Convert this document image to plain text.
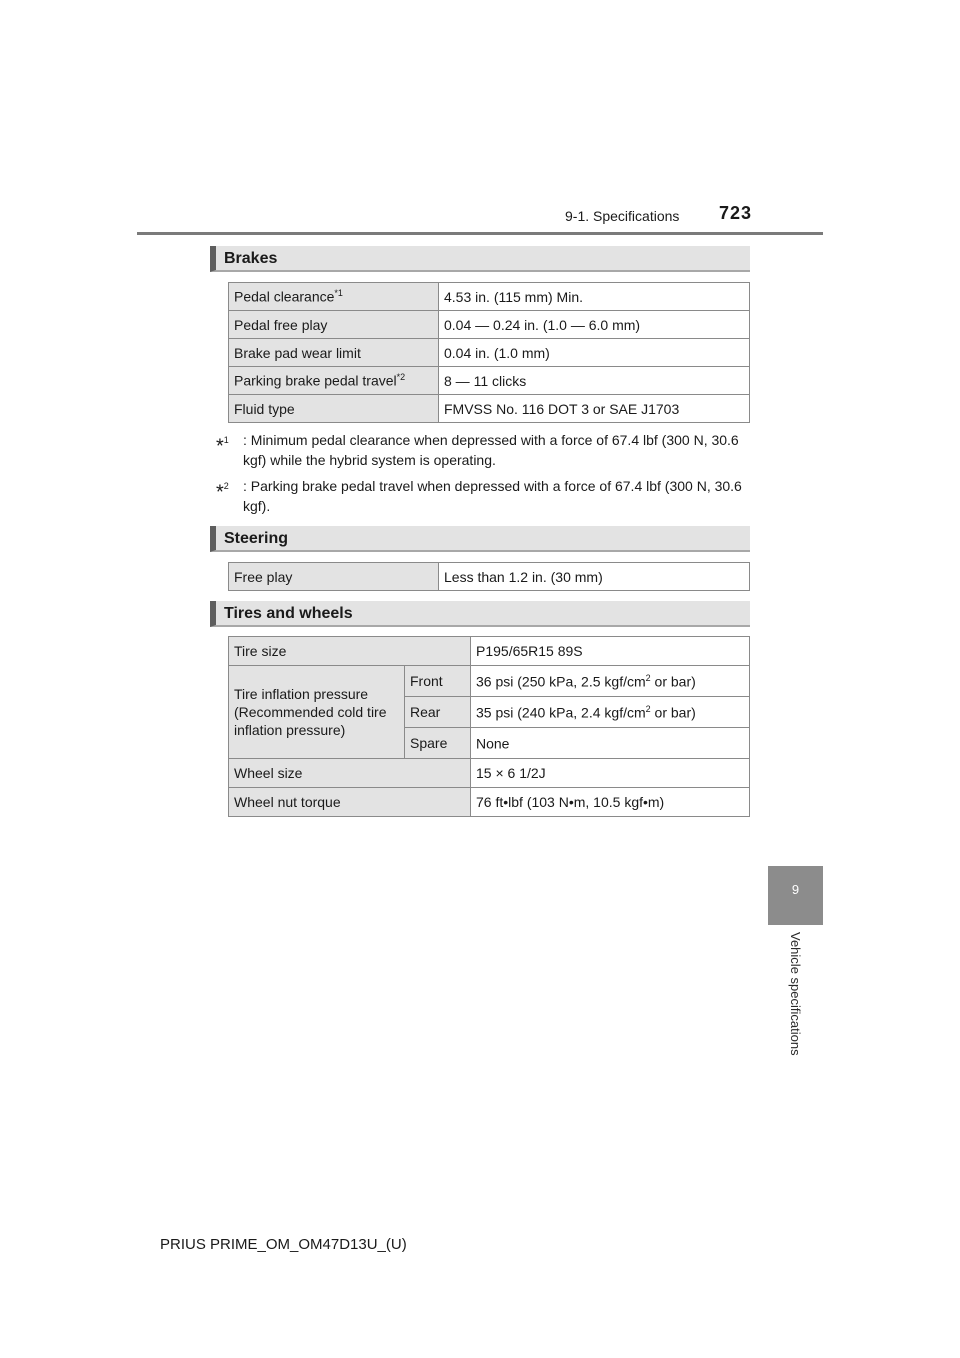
9-1. Specifications 723
9
Vehicle specifications
Brakes
Pedal clearance$^{*1}$	4.53 in. (115 mm) Min.
Pedal free play	0.04 — 0.24 in. (1.0 — 6.0 mm)
Brake pad wear limit	0.04 in. (1.0 mm)
Parking brake pedal travel$^{*2}$	8 — 11 clicks
Fluid type	FMVSS No. 116 DOT 3 or SAE J1703
*$^1$ : Minimum pedal clearance when depressed with a force of 67.4 lbf (300 N, 30.6 kgf) while the hybrid system is operating.
*$^2$ : Parking brake pedal travel when depressed with a force of 67.4 lbf (300 N, 30.6 kgf).
Steering
Free play	Less than 1.2 in. (30 mm)
Tires and wheels
Tire size		P195/65R15 89S
Tire inflation pressure (Recommended cold tire inflation pressure)	Front	36 psi (250 kPa, 2.5 kgf/$cm^2$ or bar)
	Rear	35 psi (240 kPa, 2.4 kgf/$cm^2$ or bar)
	Spare	None
Wheel size		15 × 6 1/2J
Wheel nut torque		76 ft•lbf (103 N•m, 10.5 kgf•m)
PRIUS PRIME_OM_OM47D13U_(U)
